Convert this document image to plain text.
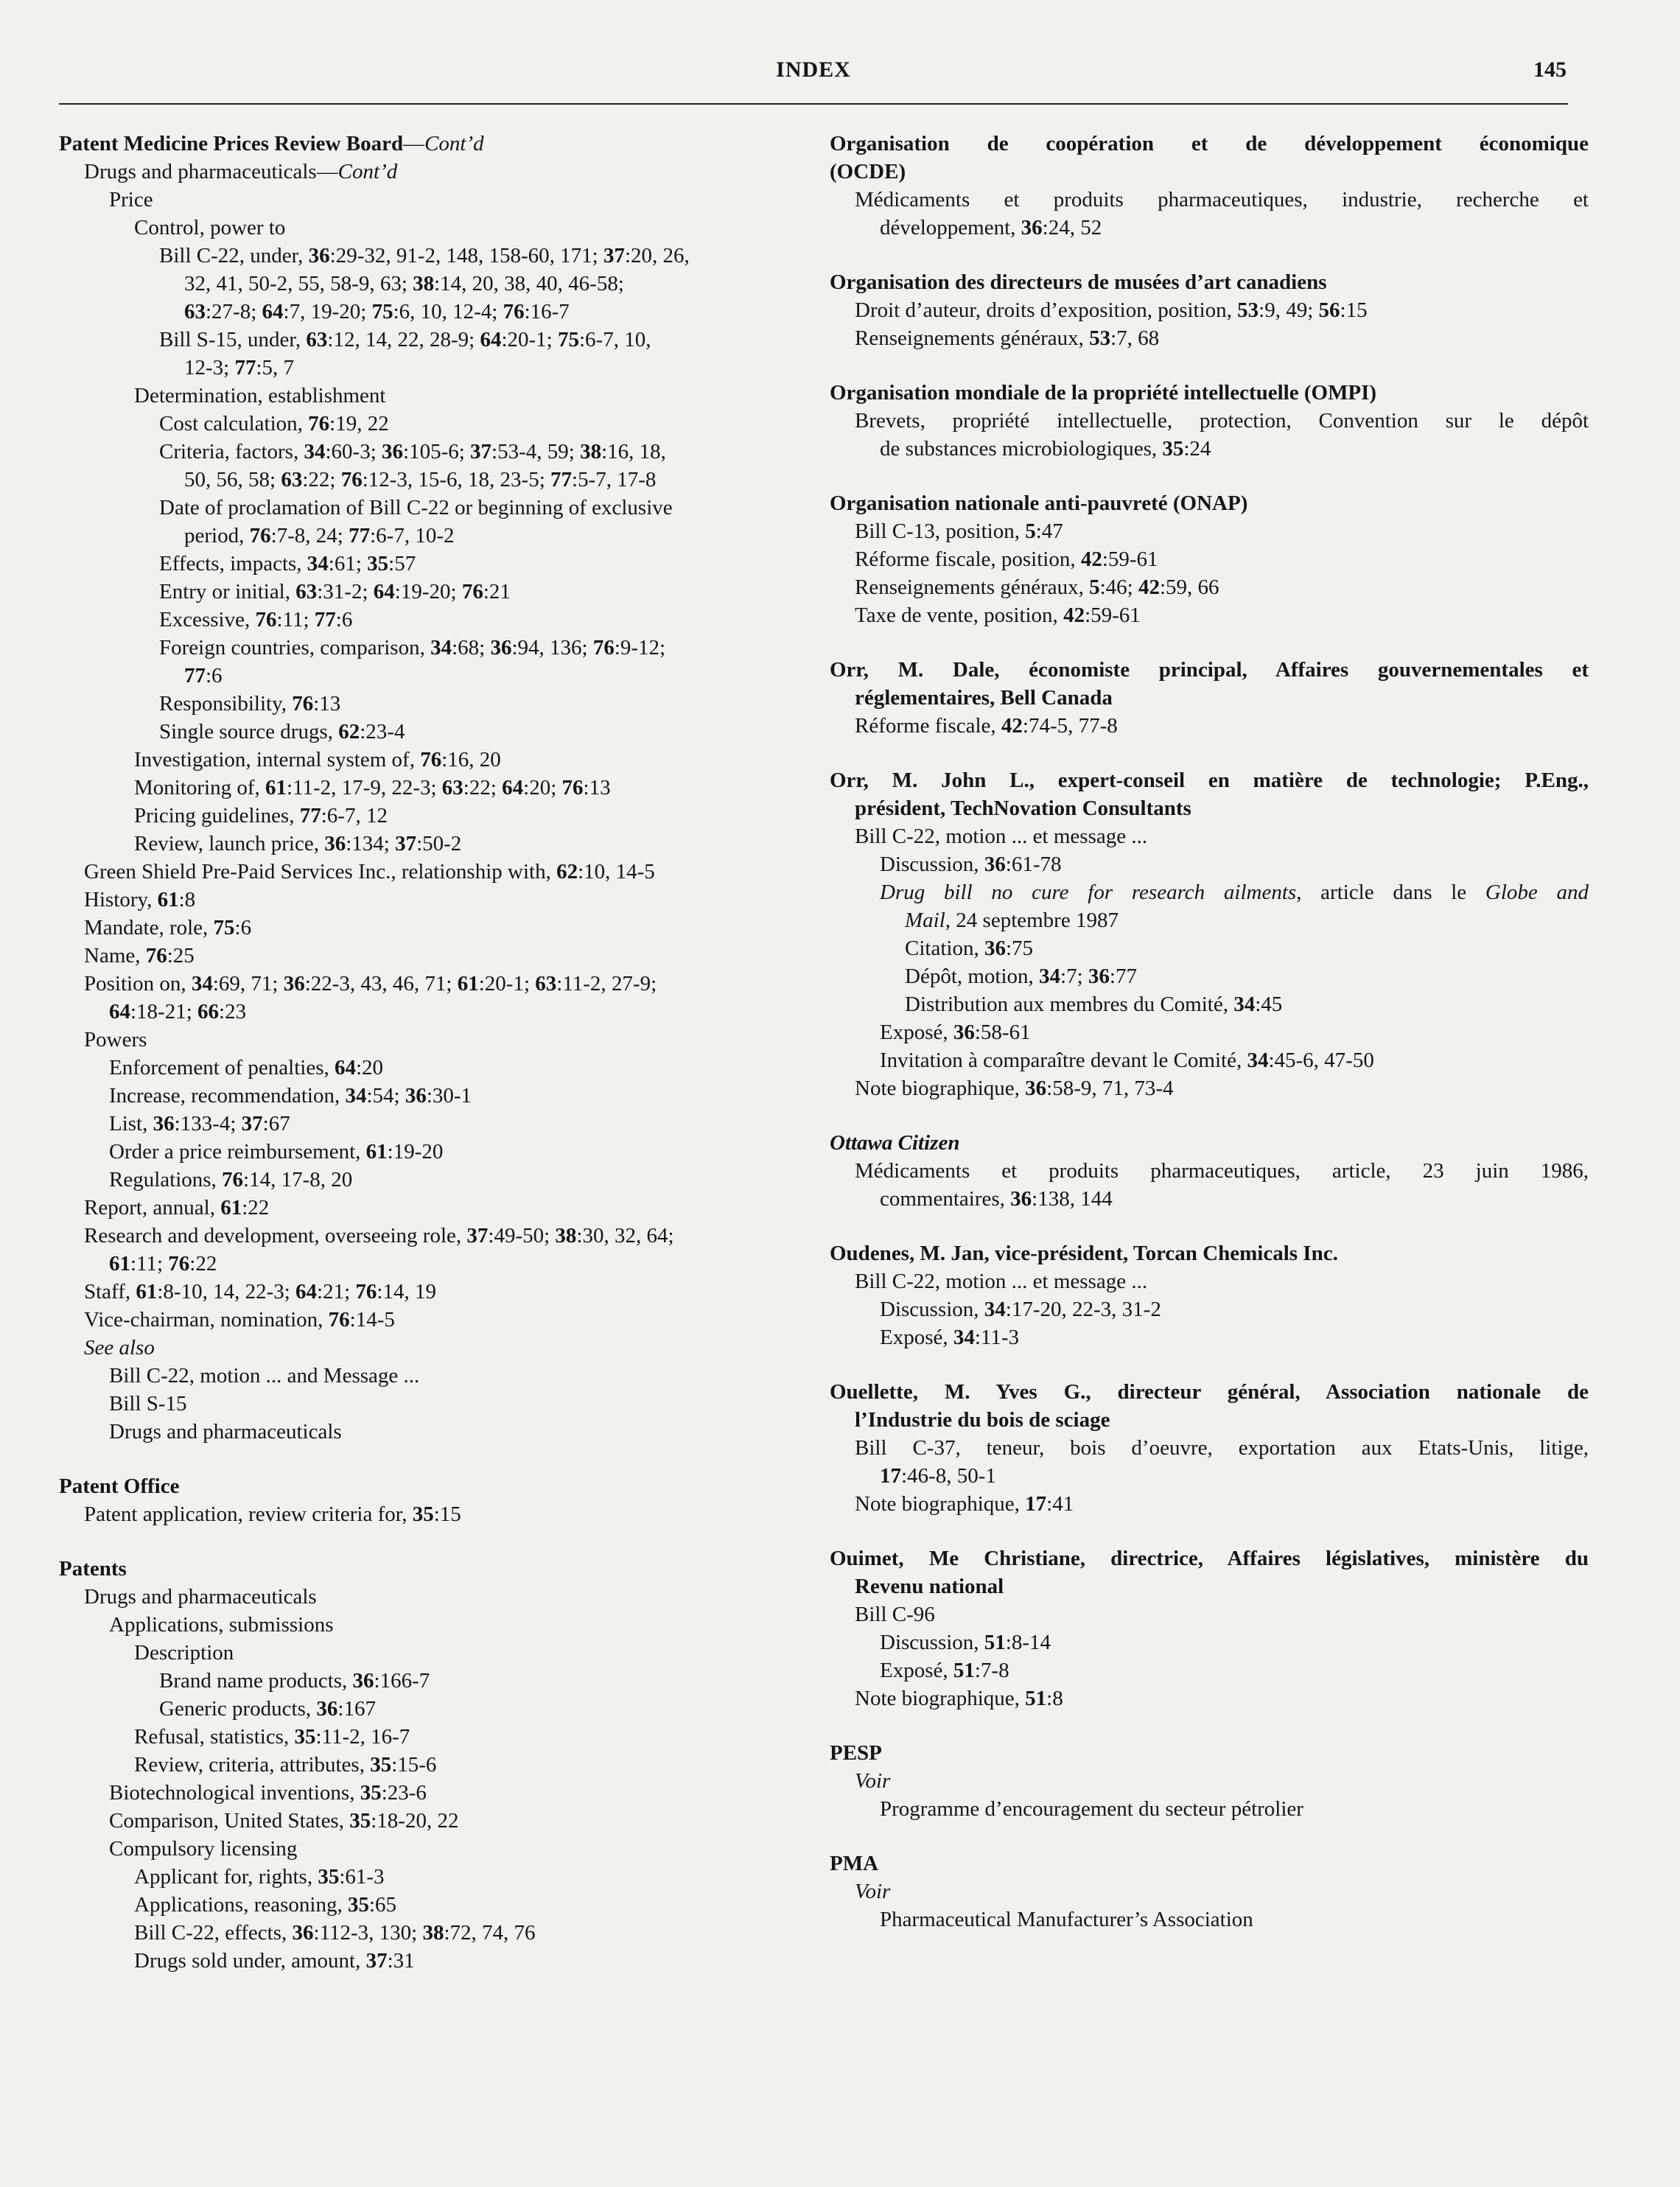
INDEX	145
Patent Medicine Prices Review Board—Cont’d
Drugs and pharmaceuticals—Cont’d
Price
Control, power to
Bill C-22, under, 36:29-32, 91-2, 148, 158-60, 171; 37:20, 26,
32, 41, 50-2, 55, 58-9, 63; 38:14, 20, 38, 40, 46-58;
63:27-8; 64:7, 19-20; 75:6, 10, 12-4; 76:16-7
Bill S-15, under, 63:12, 14, 22, 28-9; 64:20-1; 75:6-7, 10,
12-3; 77:5, 7
Determination, establishment
Cost calculation, 76:19, 22
Criteria, factors, 34:60-3; 36:105-6; 37:53-4, 59; 38:16, 18,
50, 56, 58; 63:22; 76:12-3, 15-6, 18, 23-5; 77:5-7, 17-8
Date of proclamation of Bill C-22 or beginning of exclusive
period, 76:7-8, 24; 77:6-7, 10-2
Effects, impacts, 34:61; 35:57
Entry or initial, 63:31-2; 64:19-20; 76:21
Excessive, 76:11; 77:6
Foreign countries, comparison, 34:68; 36:94, 136; 76:9-12;
77:6
Responsibility, 76:13
Single source drugs, 62:23-4
Investigation, internal system of, 76:16, 20
Monitoring of, 61:11-2, 17-9, 22-3; 63:22; 64:20; 76:13
Pricing guidelines, 77:6-7, 12
Review, launch price, 36:134; 37:50-2
Green Shield Pre-Paid Services Inc., relationship with, 62:10, 14-5
History, 61:8
Mandate, role, 75:6
Name, 76:25
Position on, 34:69, 71; 36:22-3, 43, 46, 71; 61:20-1; 63:11-2, 27-9;
64:18-21; 66:23
Powers
Enforcement of penalties, 64:20
Increase, recommendation, 34:54; 36:30-1
List, 36:133-4; 37:67
Order a price reimbursement, 61:19-20
Regulations, 76:14, 17-8, 20
Report, annual, 61:22
Research and development, overseeing role, 37:49-50; 38:30, 32, 64;
61:11; 76:22
Staff, 61:8-10, 14, 22-3; 64:21; 76:14, 19
Vice-chairman, nomination, 76:14-5
See also
Bill C-22, motion ... and Message ...
Bill S-15
Drugs and pharmaceuticals
Patent Office
Patent application, review criteria for, 35:15
Patents
Drugs and pharmaceuticals
Applications, submissions
Description
Brand name products, 36:166-7
Generic products, 36:167
Refusal, statistics, 35:11-2, 16-7
Review, criteria, attributes, 35:15-6
Biotechnological inventions, 35:23-6
Comparison, United States, 35:18-20, 22
Compulsory licensing
Applicant for, rights, 35:61-3
Applications, reasoning, 35:65
Bill C-22, effects, 36:112-3, 130; 38:72, 74, 76
Drugs sold under, amount, 37:31
Organisation de coopération et de développement économique
(OCDE)
Médicaments et produits pharmaceutiques, industrie, recherche et
développement, 36:24, 52
Organisation des directeurs de musées d’art canadiens
Droit d’auteur, droits d’exposition, position, 53:9, 49; 56:15
Renseignements généraux, 53:7, 68
Organisation mondiale de la propriété intellectuelle (OMPI)
Brevets, propriété intellectuelle, protection, Convention sur le dépôt
de substances microbiologiques, 35:24
Organisation nationale anti-pauvreté (ONAP)
Bill C-13, position, 5:47
Réforme fiscale, position, 42:59-61
Renseignements généraux, 5:46; 42:59, 66
Taxe de vente, position, 42:59-61
Orr, M. Dale, économiste principal, Affaires gouvernementales et
réglementaires, Bell Canada
Réforme fiscale, 42:74-5, 77-8
Orr, M. John L., expert-conseil en matière de technologie; P.Eng.,
président, TechNovation Consultants
Bill C-22, motion ... et message ...
Discussion, 36:61-78
Drug bill no cure for research ailments, article dans le Globe and
Mail, 24 septembre 1987
Citation, 36:75
Dépôt, motion, 34:7; 36:77
Distribution aux membres du Comité, 34:45
Exposé, 36:58-61
Invitation à comparaître devant le Comité, 34:45-6, 47-50
Note biographique, 36:58-9, 71, 73-4
Ottawa Citizen
Médicaments et produits pharmaceutiques, article, 23 juin 1986,
commentaires, 36:138, 144
Oudenes, M. Jan, vice-président, Torcan Chemicals Inc.
Bill C-22, motion ... et message ...
Discussion, 34:17-20, 22-3, 31-2
Exposé, 34:11-3
Ouellette, M. Yves G., directeur général, Association nationale de
l’Industrie du bois de sciage
Bill C-37, teneur, bois d’oeuvre, exportation aux Etats-Unis, litige,
17:46-8, 50-1
Note biographique, 17:41
Ouimet, Me Christiane, directrice, Affaires législatives, ministère du
Revenu national
Bill C-96
Discussion, 51:8-14
Exposé, 51:7-8
Note biographique, 51:8
PESP
Voir
Programme d’encouragement du secteur pétrolier
PMA
Voir
Pharmaceutical Manufacturer’s Association
